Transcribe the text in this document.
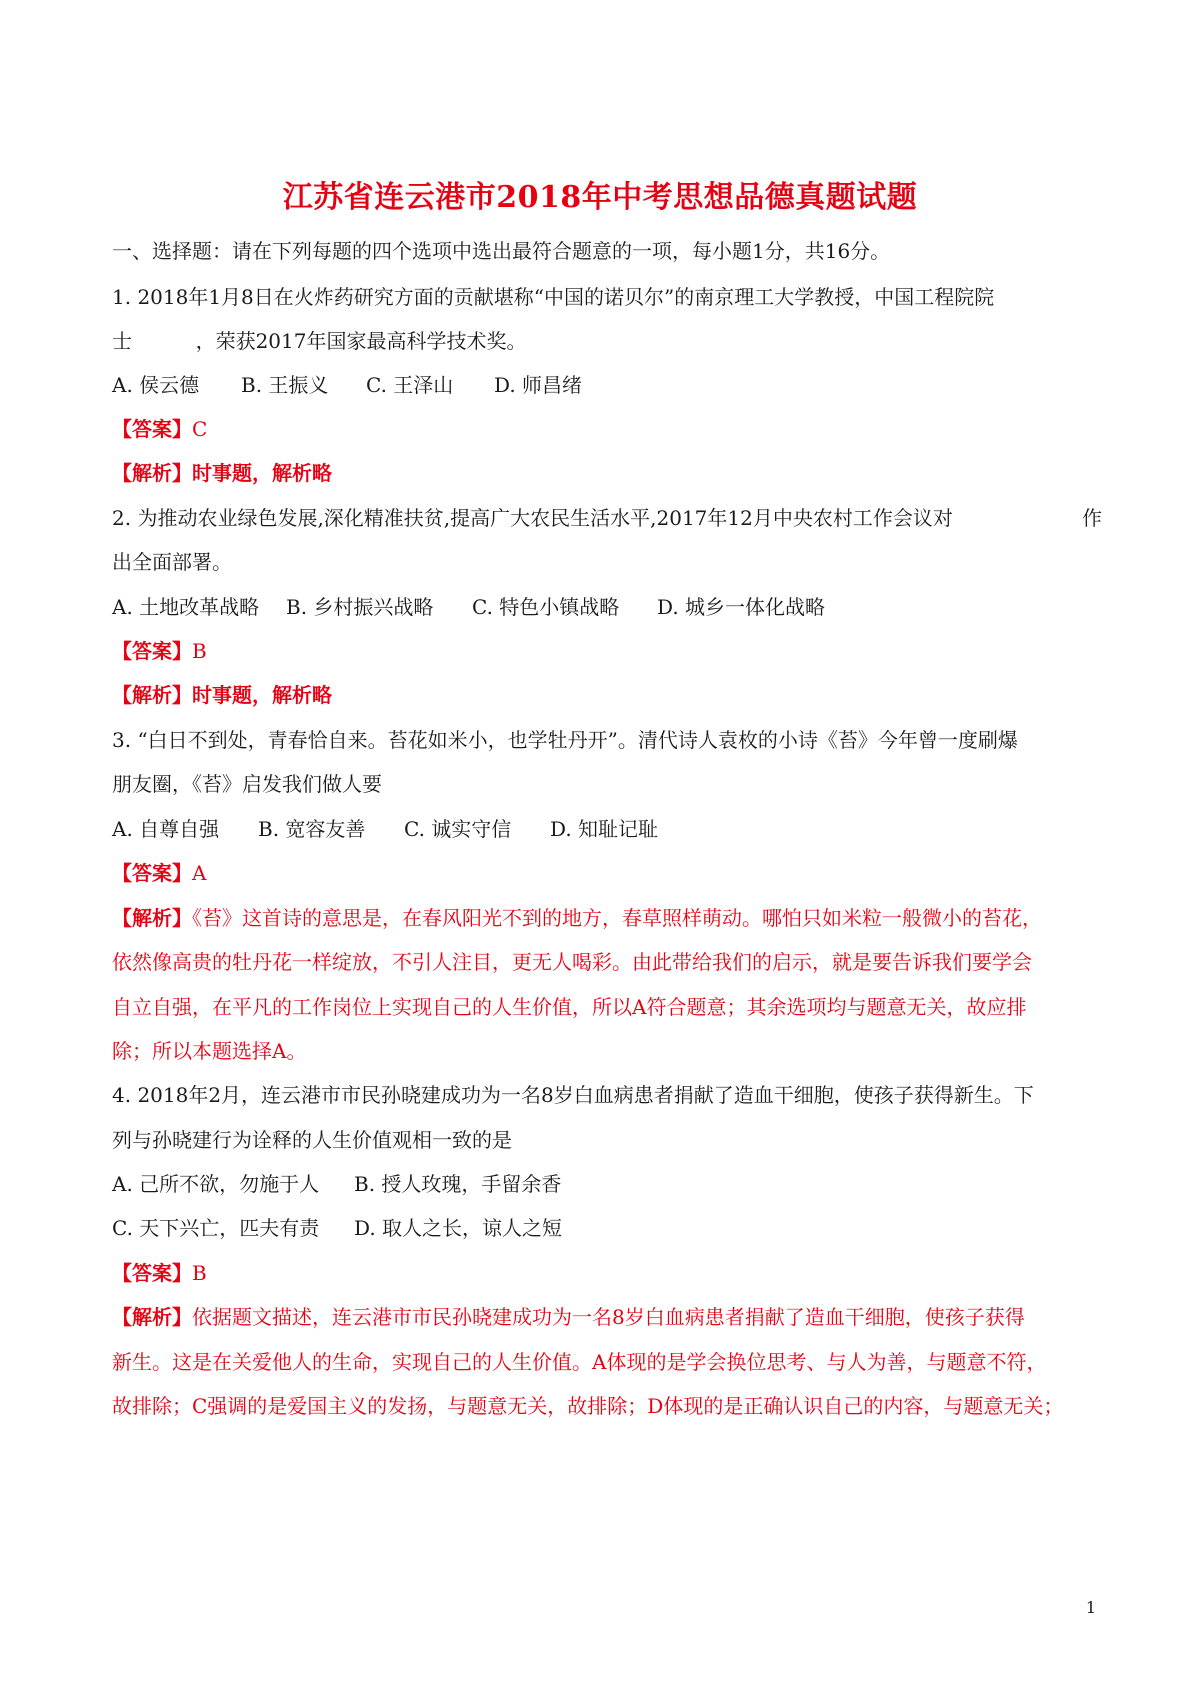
江苏省连云港市2018年中考思想品德真题试题
一、选择题：请在下列每题的四个选项中选出最符合题意的一项，每小题1分，共16分。
1. 2018年1月8日在火炸药研究方面的贡献堪称“中国的诺贝尔”的南京理工大学教授，中国工程院院
士          ，荣获2017年国家最高科学技术奖。
A. 侯云德 B. 王振义 C. 王泽山 D. 师昌绪
【答案】C
【解析】时事题，解析略
2. 为推动农业绿色发展,深化精准扶贫,提高广大农民生活水平,2017年12月中央农村工作会议对	作
出全面部署。
A. 土地改革战略 B. 乡村振兴战略 C. 特色小镇战略 D. 城乡一体化战略
【答案】B
【解析】时事题，解析略
3. “白日不到处，青春恰自来。苔花如米小，也学牡丹开”。清代诗人袁枚的小诗《苔》今年曾一度刷爆
朋友圈，《苔》启发我们做人要
A. 自尊自强 B. 宽容友善 C. 诚实守信 D. 知耻记耻
【答案】A
【解析】《苔》这首诗的意思是，在春风阳光不到的地方，春草照样萌动。哪怕只如米粒一般微小的苔花，
依然像高贵的牡丹花一样绽放，不引人注目，更无人喝彩。由此带给我们的启示，就是要告诉我们要学会
自立自强，在平凡的工作岗位上实现自己的人生价值，所以A符合题意；其余选项均与题意无关，故应排
除；所以本题选择A。
4. 2018年2月，连云港市市民孙晓建成功为一名8岁白血病患者捐献了造血干细胞，使孩子获得新生。下
列与孙晓建行为诠释的人生价值观相一致的是
A. 己所不欲，勿施于人 B. 授人玫瑰，手留余香
C. 天下兴亡，匹夫有责 D. 取人之长，谅人之短
【答案】B
【解析】依据题文描述，连云港市市民孙晓建成功为一名8岁白血病患者捐献了造血干细胞，使孩子获得
新生。这是在关爱他人的生命，实现自己的人生价值。A体现的是学会换位思考、与人为善，与题意不符，
故排除；C强调的是爱国主义的发扬，与题意无关，故排除；D体现的是正确认识自己的内容，与题意无关；
1
